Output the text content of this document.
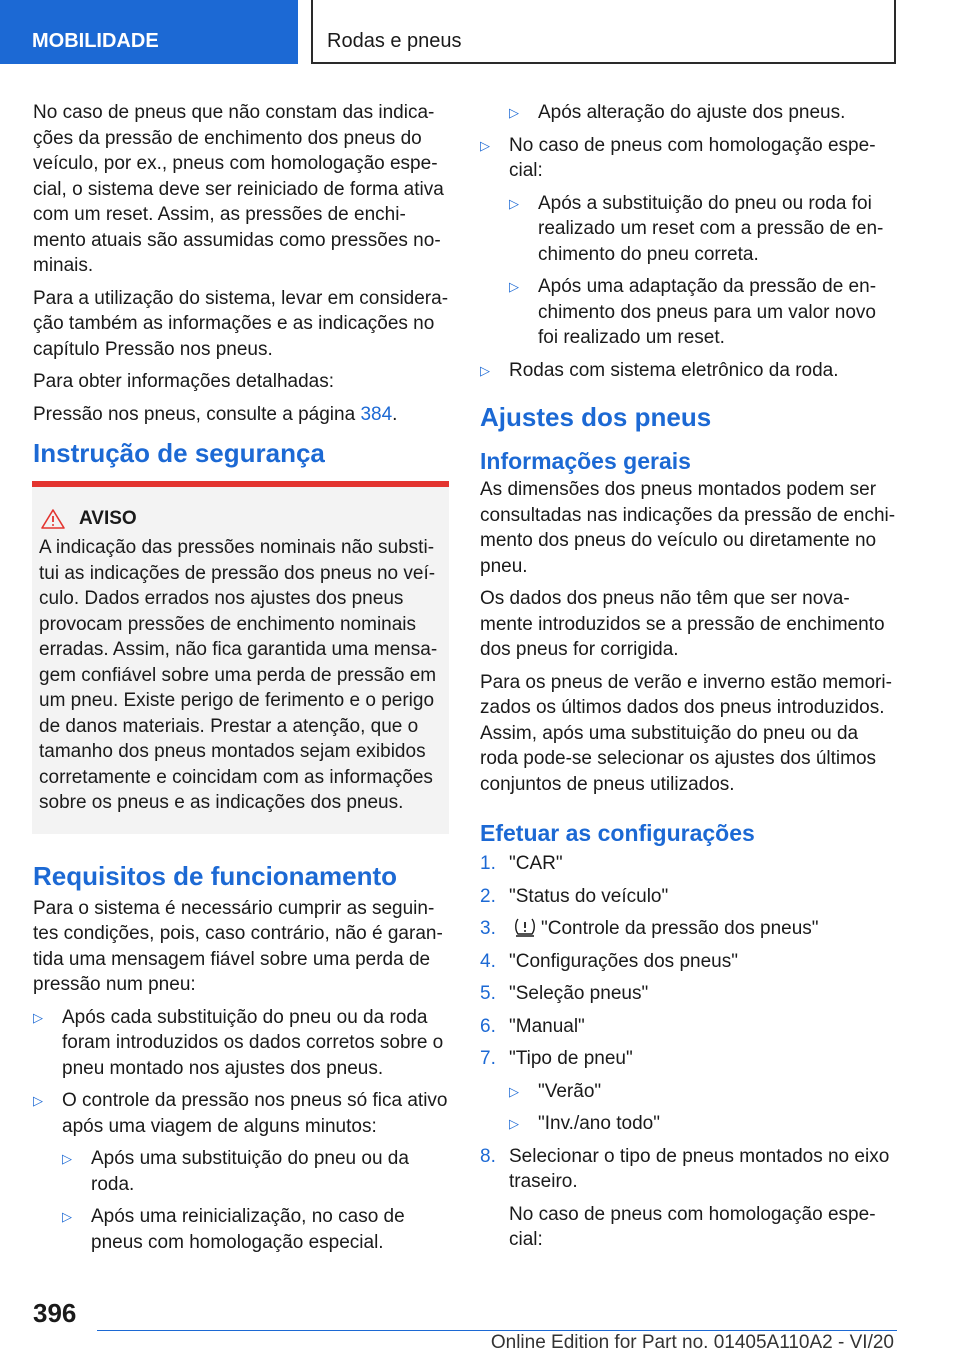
MOBILIDADE	Rodas e pneus

No caso de pneus que não constam das indicações da pressão de enchimento dos pneus do veículo, por ex., pneus com homologação especial, o sistema deve ser reiniciado de forma ativa com um reset. Assim, as pressões de enchimento atuais são assumidas como pressões nominais.

Para a utilização do sistema, levar em consideração também as informações e as indicações no capítulo Pressão nos pneus.

Para obter informações detalhadas:

Pressão nos pneus, consulte a página 384.

Instrução de segurança
AVISO

A indicação das pressões nominais não substitui as indicações de pressão dos pneus no veículo. Dados errados nos ajustes dos pneus provocam pressões de enchimento nominais erradas. Assim, não fica garantida uma mensagem confiável sobre uma perda de pressão em um pneu. Existe perigo de ferimento e o perigo de danos materiais. Prestar a atenção, que o tamanho dos pneus montados sejam exibidos corretamente e coincidam com as informações sobre os pneus e as indicações dos pneus.

Requisitos de funcionamento

Para o sistema é necessário cumprir as seguintes condições, pois, caso contrário, não é garantida uma mensagem fiável sobre uma perda de pressão num pneu:

▷ Após cada substituição do pneu ou da roda foram introduzidos os dados corretos sobre o pneu montado nos ajustes dos pneus.
▷ O controle da pressão nos pneus só fica ativo após uma viagem de alguns minutos:
▷ Após uma substituição do pneu ou da roda.
▷ Após uma reinicialização, no caso de pneus com homologação especial.
▷ Após alteração do ajuste dos pneus.
▷ No caso de pneus com homologação especial:
▷ Após a substituição do pneu ou roda foi realizado um reset com a pressão de enchimento do pneu correta.
▷ Após uma adaptação da pressão de enchimento dos pneus para um valor novo foi realizado um reset.
▷ Rodas com sistema eletrônico da roda.
Ajustes dos pneus
Informações gerais

As dimensões dos pneus montados podem ser consultadas nas indicações da pressão de enchimento dos pneus do veículo ou diretamente no pneu.

Os dados dos pneus não têm que ser novamente introduzidos se a pressão de enchimento dos pneus for corrigida.

Para os pneus de verão e inverno estão memorizados os últimos dados dos pneus introduzidos. Assim, após uma substituição do pneu ou da roda pode-se selecionar os ajustes dos últimos conjuntos de pneus utilizados.

Efetuar as configurações
1. "CAR"
2. "Status do veículo"
3. "Controle da pressão dos pneus"
4. "Configurações dos pneus"
5. "Seleção pneus"
6. "Manual"
7. "Tipo de pneu"
▷ "Verão"
▷ "Inv./ano todo"
8. Selecionar o tipo de pneus montados no eixo traseiro.

No caso de pneus com homologação especial:

396
Online Edition for Part no. 01405A110A2 - VI/20
